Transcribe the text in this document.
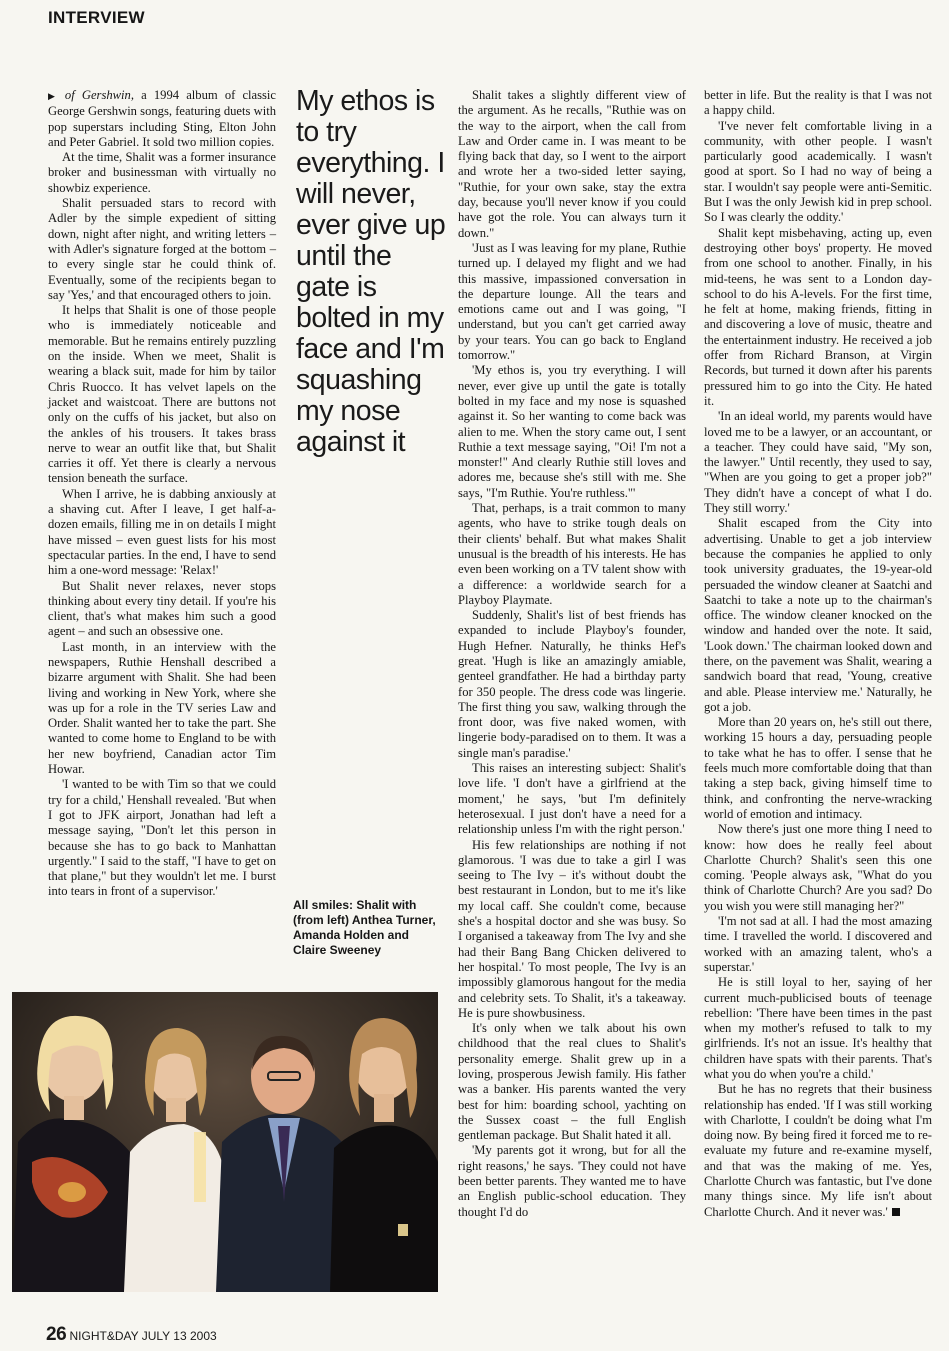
INTERVIEW

▶ of Gershwin, a 1994 album of classic George Gershwin songs, featuring duets with pop superstars including Sting, Elton John and Peter Gabriel. It sold two million copies.

At the time, Shalit was a former insurance broker and businessman with virtually no showbiz experience.

Shalit persuaded stars to record with Adler by the simple expedient of sitting down, night after night, and writing letters – with Adler's signature forged at the bottom – to every single star he could think of. Eventually, some of the recipients began to say 'Yes,' and that encouraged others to join.

It helps that Shalit is one of those people who is immediately noticeable and memorable. But he remains entirely puzzling on the inside. When we meet, Shalit is wearing a black suit, made for him by tailor Chris Ruocco. It has velvet lapels on the jacket and waistcoat. There are buttons not only on the cuffs of his jacket, but also on the ankles of his trousers. It takes brass nerve to wear an outfit like that, but Shalit carries it off. Yet there is clearly a nervous tension beneath the surface.

When I arrive, he is dabbing anxiously at a shaving cut. After I leave, I get half-a-dozen emails, filling me in on details I might have missed – even guest lists for his most spectacular parties. In the end, I have to send him a one-word message: 'Relax!'

But Shalit never relaxes, never stops thinking about every tiny detail. If you're his client, that's what makes him such a good agent – and such an obsessive one.

Last month, in an interview with the newspapers, Ruthie Henshall described a bizarre argument with Shalit. She had been living and working in New York, where she was up for a role in the TV series Law and Order. Shalit wanted her to take the part. She wanted to come home to England to be with her new boyfriend, Canadian actor Tim Howar.

'I wanted to be with Tim so that we could try for a child,' Henshall revealed. 'But when I got to JFK airport, Jonathan had left a message saying, "Don't let this person in because she has to go back to Manhattan urgently." I said to the staff, "I have to get on that plane," but they wouldn't let me. I burst into tears in front of a supervisor.'

My ethos is to try everything. I will never, ever give up until the gate is bolted in my face and I'm squashing my nose against it
All smiles: Shalit with (from left) Anthea Turner, Amanda Holden and Claire Sweeney

Shalit takes a slightly different view of the argument. As he recalls, "Ruthie was on the way to the airport, when the call from Law and Order came in. I was meant to be flying back that day, so I went to the airport and wrote her a two-sided letter saying, "Ruthie, for your own sake, stay the extra day, because you'll never know if you could have got the role. You can always turn it down."

'Just as I was leaving for my plane, Ruthie turned up. I delayed my flight and we had this massive, impassioned conversation in the departure lounge. All the tears and emotions came out and I was going, "I understand, but you can't get carried away by your tears. You can go back to England tomorrow."

'My ethos is, you try everything. I will never, ever give up until the gate is totally bolted in my face and my nose is squashed against it. So her wanting to come back was alien to me. When the story came out, I sent Ruthie a text message saying, "Oi! I'm not a monster!" And clearly Ruthie still loves and adores me, because she's still with me. She says, "I'm Ruthie. You're ruthless."'

That, perhaps, is a trait common to many agents, who have to strike tough deals on their clients' behalf. But what makes Shalit unusual is the breadth of his interests. He has even been working on a TV talent show with a difference: a worldwide search for a Playboy Playmate.

Suddenly, Shalit's list of best friends has expanded to include Playboy's founder, Hugh Hefner. Naturally, he thinks Hef's great. 'Hugh is like an amazingly amiable, genteel grandfather. He had a birthday party for 350 people. The dress code was lingerie. The first thing you saw, walking through the front door, was five naked women, with lingerie body-paradised on to them. It was a single man's paradise.'

This raises an interesting subject: Shalit's love life. 'I don't have a girlfriend at the moment,' he says, 'but I'm definitely heterosexual. I just don't have a need for a relationship unless I'm with the right person.'

His few relationships are nothing if not glamorous. 'I was due to take a girl I was seeing to The Ivy – it's without doubt the best restaurant in London, but to me it's like my local caff. She couldn't come, because she's a hospital doctor and she was busy. So I organised a takeaway from The Ivy and she had their Bang Bang Chicken delivered to her hospital.' To most people, The Ivy is an impossibly glamorous hangout for the media and celebrity sets. To Shalit, it's a takeaway. He is pure showbusiness.

It's only when we talk about his own childhood that the real clues to Shalit's personality emerge. Shalit grew up in a loving, prosperous Jewish family. His father was a banker. His parents wanted the very best for him: boarding school, yachting on the Sussex coast – the full English gentleman package. But Shalit hated it all.

'My parents got it wrong, but for all the right reasons,' he says. 'They could not have been better parents. They wanted me to have an English public-school education. They thought I'd do

better in life. But the reality is that I was not a happy child.

'I've never felt comfortable living in a community, with other people. I wasn't particularly good academically. I wasn't good at sport. So I had no way of being a star. I wouldn't say people were anti-Semitic. But I was the only Jewish kid in prep school. So I was clearly the oddity.'

Shalit kept misbehaving, acting up, even destroying other boys' property. He moved from one school to another. Finally, in his mid-teens, he was sent to a London day-school to do his A-levels. For the first time, he felt at home, making friends, fitting in and discovering a love of music, theatre and the entertainment industry. He received a job offer from Richard Branson, at Virgin Records, but turned it down after his parents pressured him to go into the City. He hated it.

'In an ideal world, my parents would have loved me to be a lawyer, or an accountant, or a teacher. They could have said, "My son, the lawyer." Until recently, they used to say, "When are you going to get a proper job?" They didn't have a concept of what I do. They still worry.'

Shalit escaped from the City into advertising. Unable to get a job interview because the companies he applied to only took university graduates, the 19-year-old persuaded the window cleaner at Saatchi and Saatchi to take a note up to the chairman's office. The window cleaner knocked on the window and handed over the note. It said, 'Look down.' The chairman looked down and there, on the pavement was Shalit, wearing a sandwich board that read, 'Young, creative and able. Please interview me.' Naturally, he got a job.

More than 20 years on, he's still out there, working 15 hours a day, persuading people to take what he has to offer. I sense that he feels much more comfortable doing that than taking a step back, giving himself time to think, and confronting the nerve-wracking world of emotion and intimacy.

Now there's just one more thing I need to know: how does he really feel about Charlotte Church? Shalit's seen this one coming. 'People always ask, "What do you think of Charlotte Church? Are you sad? Do you wish you were still managing her?"

'I'm not sad at all. I had the most amazing time. I travelled the world. I discovered and worked with an amazing talent, who's a superstar.'

He is still loyal to her, saying of her current much-publicised bouts of teenage rebellion: 'There have been times in the past when my mother's refused to talk to my girlfriends. It's not an issue. It's healthy that children have spats with their parents. That's what you do when you're a child.'

But he has no regrets that their business relationship has ended. 'If I was still working with Charlotte, I couldn't be doing what I'm doing now. By being fired it forced me to re-evaluate my future and re-examine myself, and that was the making of me. Yes, Charlotte Church was fantastic, but I've done many things since. My life isn't about Charlotte Church. And it never was.'

26 NIGHT&DAY JULY 13 2003
